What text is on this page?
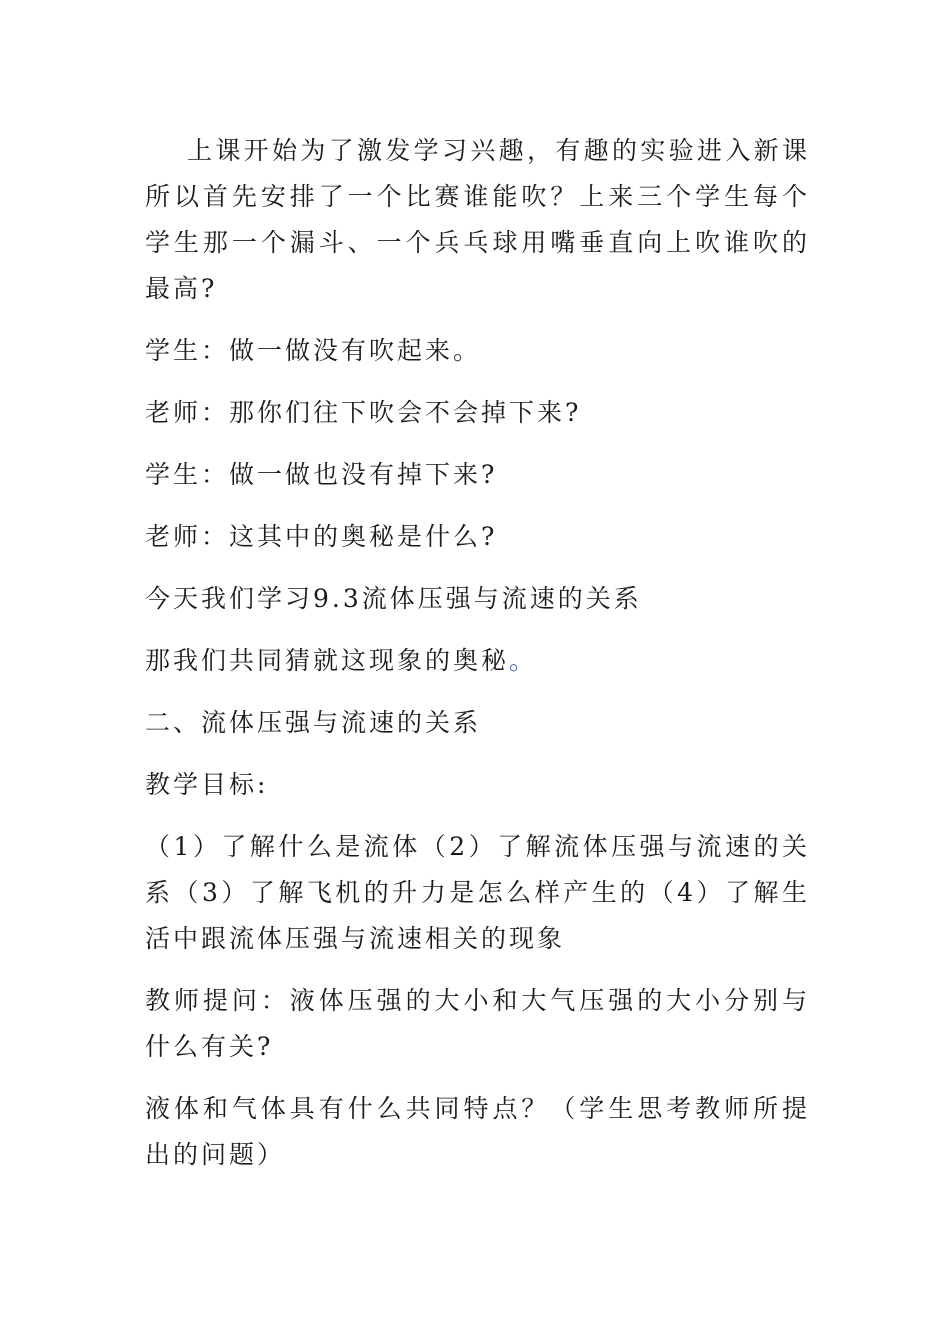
上课开始为了激发学习兴趣，有趣的实验进入新课所以首先安排了一个比赛谁能吹？上来三个学生每个学生那一个漏斗、一个兵乓球用嘴垂直向上吹谁吹的最高?

学生：做一做没有吹起来。

老师：那你们往下吹会不会掉下来?

学生：做一做也没有掉下来?

老师：这其中的奥秘是什么?

今天我们学习9.3流体压强与流速的关系

那我们共同猜就这现象的奥秘。

二、流体压强与流速的关系

教学目标:

（1）了解什么是流体（2）了解流体压强与流速的关系（3）了解飞机的升力是怎么样产生的（4）了解生活中跟流体压强与流速相关的现象

教师提问：液体压强的大小和大气压强的大小分别与什么有关?

液体和气体具有什么共同特点？（学生思考教师所提出的问题）
